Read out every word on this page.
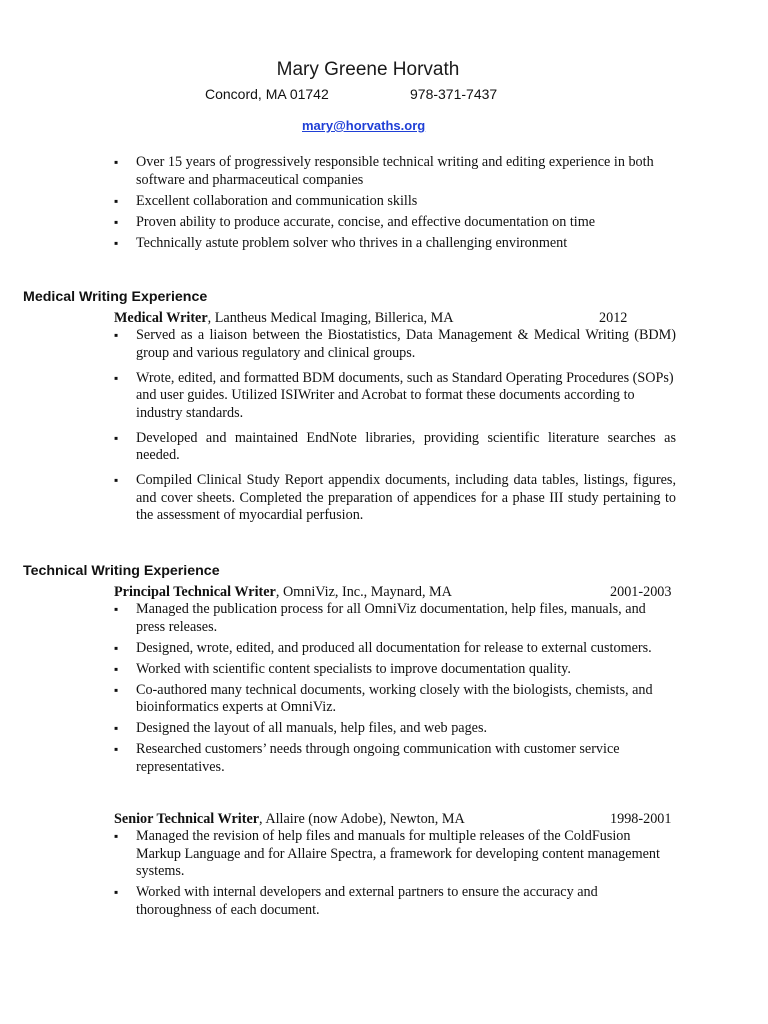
Mary Greene Horvath
Concord, MA 01742	978-371-7437
mary@horvaths.org
▪ Over 15 years of progressively responsible technical writing and editing experience in both software and pharmaceutical companies
▪ Excellent collaboration and communication skills
▪ Proven ability to produce accurate, concise, and effective documentation on time
▪ Technically astute problem solver who thrives in a challenging environment
Medical Writing Experience
Medical Writer, Lantheus Medical Imaging, Billerica, MA	2012
▪ Served as a liaison between the Biostatistics, Data Management & Medical Writing (BDM) group and various regulatory and clinical groups.
▪ Wrote, edited, and formatted BDM documents, such as Standard Operating Procedures (SOPs) and user guides. Utilized ISIWriter and Acrobat to format these documents according to industry standards.
▪ Developed and maintained EndNote libraries, providing scientific literature searches as needed.
▪ Compiled Clinical Study Report appendix documents, including data tables, listings, figures, and cover sheets. Completed the preparation of appendices for a phase III study pertaining to the assessment of myocardial perfusion.
Technical Writing Experience
Principal Technical Writer, OmniViz, Inc., Maynard, MA	2001-2003
▪ Managed the publication process for all OmniViz documentation, help files, manuals, and press releases.
▪ Designed, wrote, edited, and produced all documentation for release to external customers.
▪ Worked with scientific content specialists to improve documentation quality.
▪ Co-authored many technical documents, working closely with the biologists, chemists, and bioinformatics experts at OmniViz.
▪ Designed the layout of all manuals, help files, and web pages.
▪ Researched customers’ needs through ongoing communication with customer service representatives.
Senior Technical Writer, Allaire (now Adobe), Newton, MA	1998-2001
▪ Managed the revision of help files and manuals for multiple releases of the ColdFusion Markup Language and for Allaire Spectra, a framework for developing content management systems.
▪ Worked with internal developers and external partners to ensure the accuracy and thoroughness of each document.
